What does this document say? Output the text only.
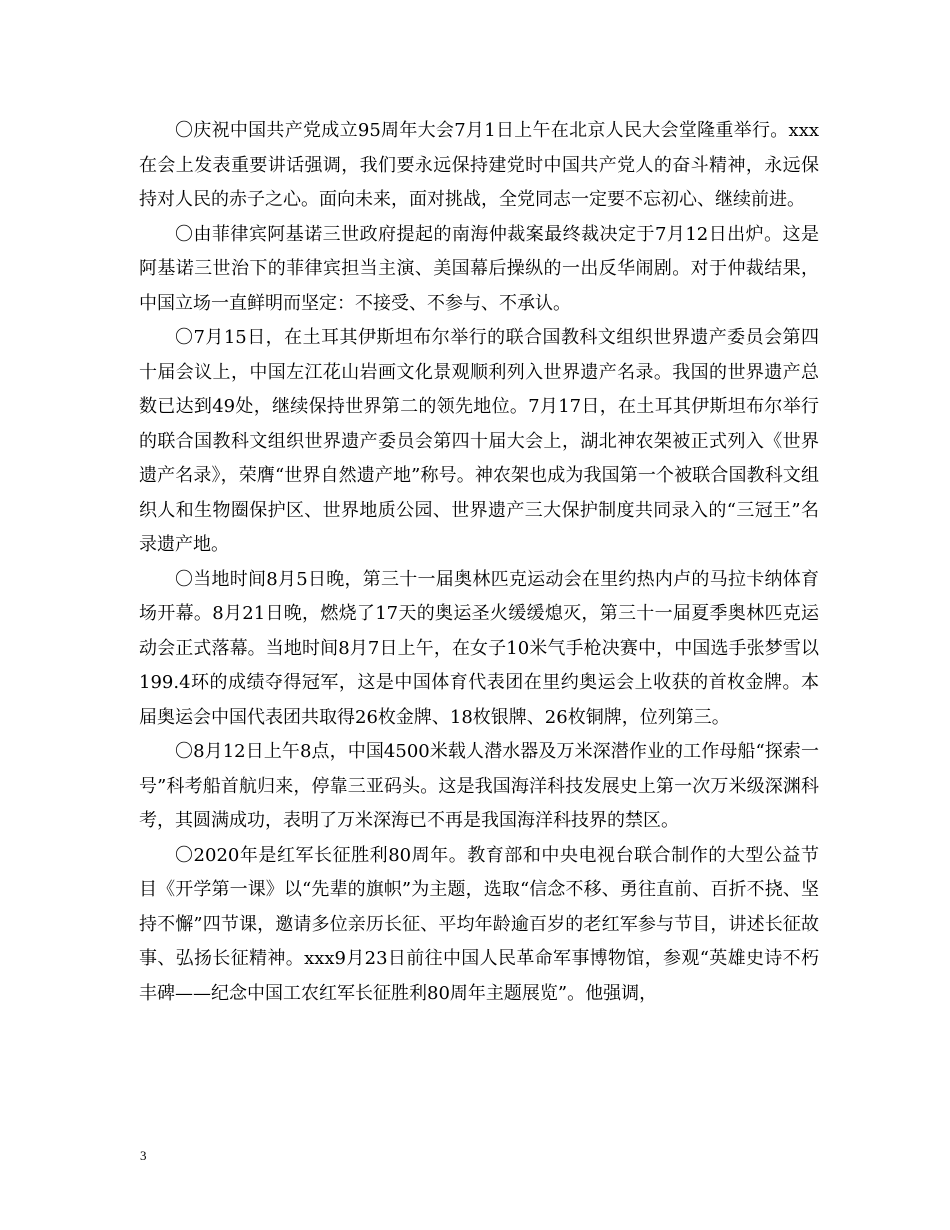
〇庆祝中国共产党成立95周年大会7月1日上午在北京人民大会堂隆重举行。xxx在会上发表重要讲话强调，我们要永远保持建党时中国共产党人的奋斗精神，永远保持对人民的赤子之心。面向未来，面对挑战，全党同志一定要不忘初心、继续前进。

〇由菲律宾阿基诺三世政府提起的南海仲裁案最终裁决定于7月12日出炉。这是阿基诺三世治下的菲律宾担当主演、美国幕后操纵的一出反华闹剧。对于仲裁结果，中国立场一直鲜明而坚定：不接受、不参与、不承认。

〇7月15日，在土耳其伊斯坦布尔举行的联合国教科文组织世界遗产委员会第四十届会议上，中国左江花山岩画文化景观顺利列入世界遗产名录。我国的世界遗产总数已达到49处，继续保持世界第二的领先地位。7月17日，在土耳其伊斯坦布尔举行的联合国教科文组织世界遗产委员会第四十届大会上，湖北神农架被正式列入《世界遗产名录》，荣膺“世界自然遗产地”称号。神农架也成为我国第一个被联合国教科文组织人和生物圈保护区、世界地质公园、世界遗产三大保护制度共同录入的“三冠王”名录遗产地。

〇当地时间8月5日晚，第三十一届奥林匹克运动会在里约热内卢的马拉卡纳体育场开幕。8月21日晚，燃烧了17天的奥运圣火缓缓熄灭，第三十一届夏季奥林匹克运动会正式落幕。当地时间8月7日上午，在女子10米气手枪决赛中，中国选手张梦雪以199.4环的成绩夺得冠军，这是中国体育代表团在里约奥运会上收获的首枚金牌。本届奥运会中国代表团共取得26枚金牌、18枚银牌、26枚铜牌，位列第三。

〇8月12日上午8点，中国4500米载人潜水器及万米深潜作业的工作母船“探索一号”科考船首航归来，停靠三亚码头。这是我国海洋科技发展史上第一次万米级深渊科考，其圆满成功，表明了万米深海已不再是我国海洋科技界的禁区。

〇2020年是红军长征胜利80周年。教育部和中央电视台联合制作的大型公益节目《开学第一课》以“先辈的旗帜”为主题，选取“信念不移、勇往直前、百折不挠、坚持不懈”四节课，邀请多位亲历长征、平均年龄逾百岁的老红军参与节目，讲述长征故事、弘扬长征精神。xxx9月23日前往中国人民革命军事博物馆，参观“英雄史诗不朽丰碑——纪念中国工农红军长征胜利80周年主题展览”。他强调，

3
